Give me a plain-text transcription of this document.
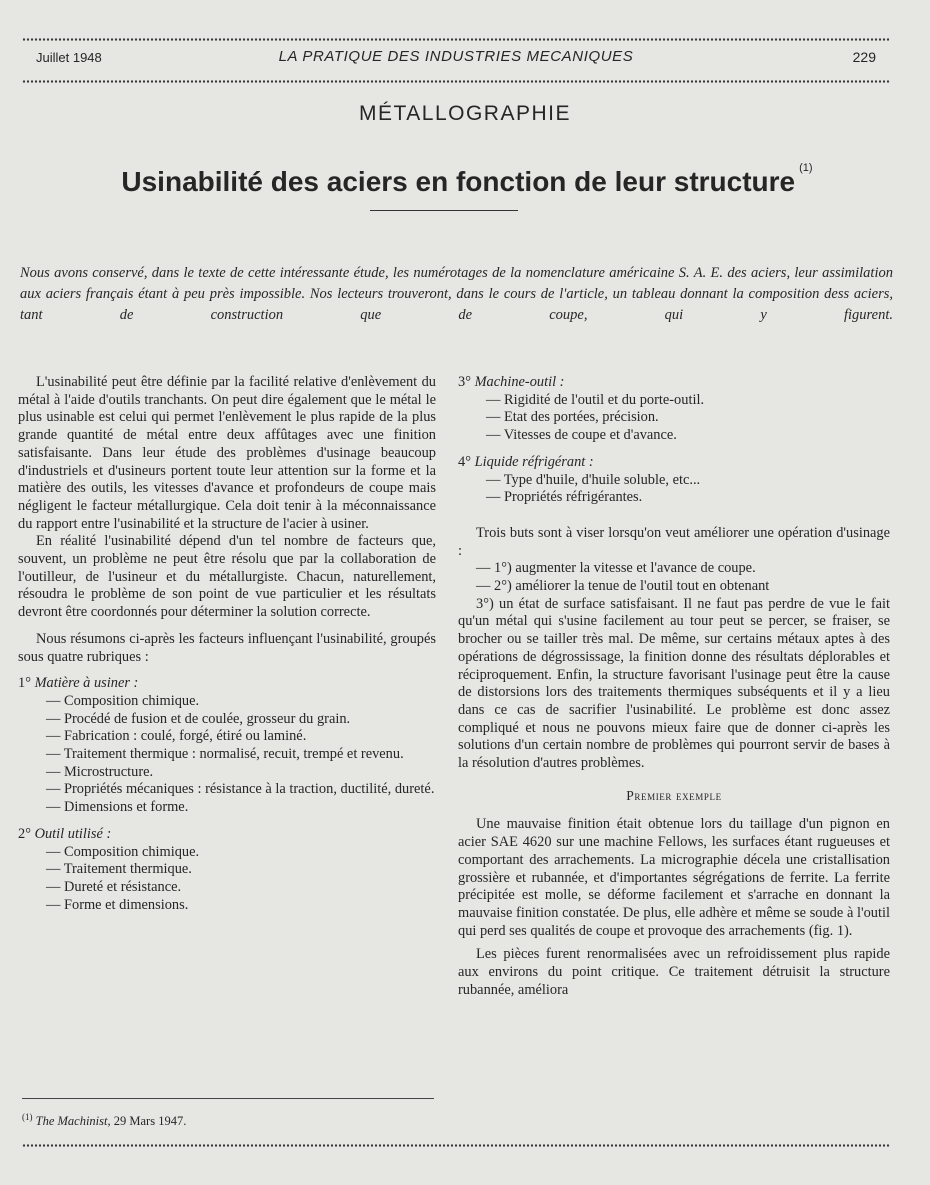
Juillet 1948	LA PRATIQUE DES INDUSTRIES MECANIQUES	229
MÉTALLOGRAPHIE
Usinabilité des aciers en fonction de leur structure $^{(1)}$

Nous avons conservé, dans le texte de cette intéressante étude, les numérotages de la nomenclature américaine S. A. E. des aciers, leur assimilation aux aciers français étant à peu près impossible. Nos lecteurs trouveront, dans le cours de l'article, un tableau donnant la composition dess aciers, tant de construction que de coupe, qui y figurent.

L'usinabilité peut être définie par la facilité relative d'enlèvement du métal à l'aide d'outils tranchants. On peut dire également que le métal le plus usinable est celui qui permet l'enlèvement le plus rapide de la plus grande quantité de métal entre deux affûtages avec une finition satisfaisante. Dans leur étude des problèmes d'usinage beaucoup d'industriels et d'usineurs portent toute leur attention sur la forme et la matière des outils, les vitesses d'avance et profondeurs de coupe mais négligent le facteur métallurgique. Cela doit tenir à la méconnaissance du rapport entre l'usinabilité et la structure de l'acier à usiner.

En réalité l'usinabilité dépend d'un tel nombre de facteurs que, souvent, un problème ne peut être résolu que par la collaboration de l'outilleur, de l'usineur et du métallurgiste. Chacun, naturellement, résoudra le problème de son point de vue particulier et les résultats devront être coordonnés pour déterminer la solution correcte.

Nous résumons ci-après les facteurs influençant l'usinabilité, groupés sous quatre rubriques :

1° Matière à usiner :

— Composition chimique.
— Procédé de fusion et de coulée, grosseur du grain.
— Fabrication : coulé, forgé, étiré ou laminé.
— Traitement thermique : normalisé, recuit, trempé et revenu.
— Microstructure.
— Propriétés mécaniques : résistance à la traction, ductilité, dureté.
— Dimensions et forme.

2° Outil utilisé :

— Composition chimique.
— Traitement thermique.
— Dureté et résistance.
— Forme et dimensions.

3° Machine-outil :

— Rigidité de l'outil et du porte-outil.
— Etat des portées, précision.
— Vitesses de coupe et d'avance.

4° Liquide réfrigérant :

— Type d'huile, d'huile soluble, etc...
— Propriétés réfrigérantes.

Trois buts sont à viser lorsqu'on veut améliorer une opération d'usinage :

— 1°) augmenter la vitesse et l'avance de coupe.
— 2°) améliorer la tenue de l'outil tout en obtenant

3°) un état de surface satisfaisant. Il ne faut pas perdre de vue le fait qu'un métal qui s'usine facilement au tour peut se percer, se fraiser, se brocher ou se tailler très mal. De même, sur certains métaux aptes à des opérations de dégrossissage, la finition donne des résultats déplorables et réciproquement. Enfin, la structure favorisant l'usinage peut être la cause de distorsions lors des traitements thermiques subséquents et il y a lieu dans ce cas de sacrifier l'usinabilité. Le problème est donc assez compliqué et nous ne pouvons mieux faire que de donner ci-après les solutions d'un certain nombre de problèmes qui pourront servir de bases à la résolution d'autres problèmes.

Premier exemple

Une mauvaise finition était obtenue lors du taillage d'un pignon en acier SAE 4620 sur une machine Fellows, les surfaces étant rugueuses et comportant des arrachements. La micrographie décela une cristallisation grossière et rubannée, et d'importantes ségrégations de ferrite. La ferrite précipitée est molle, se déforme facilement et s'arrache en donnant la mauvaise finition constatée. De plus, elle adhère et même se soude à l'outil qui perd ses qualités de coupe et provoque des arrachements (fig. 1).

Les pièces furent renormalisées avec un refroidissement plus rapide aux environs du point critique. Ce traitement détruisit la structure rubannée, améliora

$^{(1)}$ The Machinist, 29 Mars 1947.
